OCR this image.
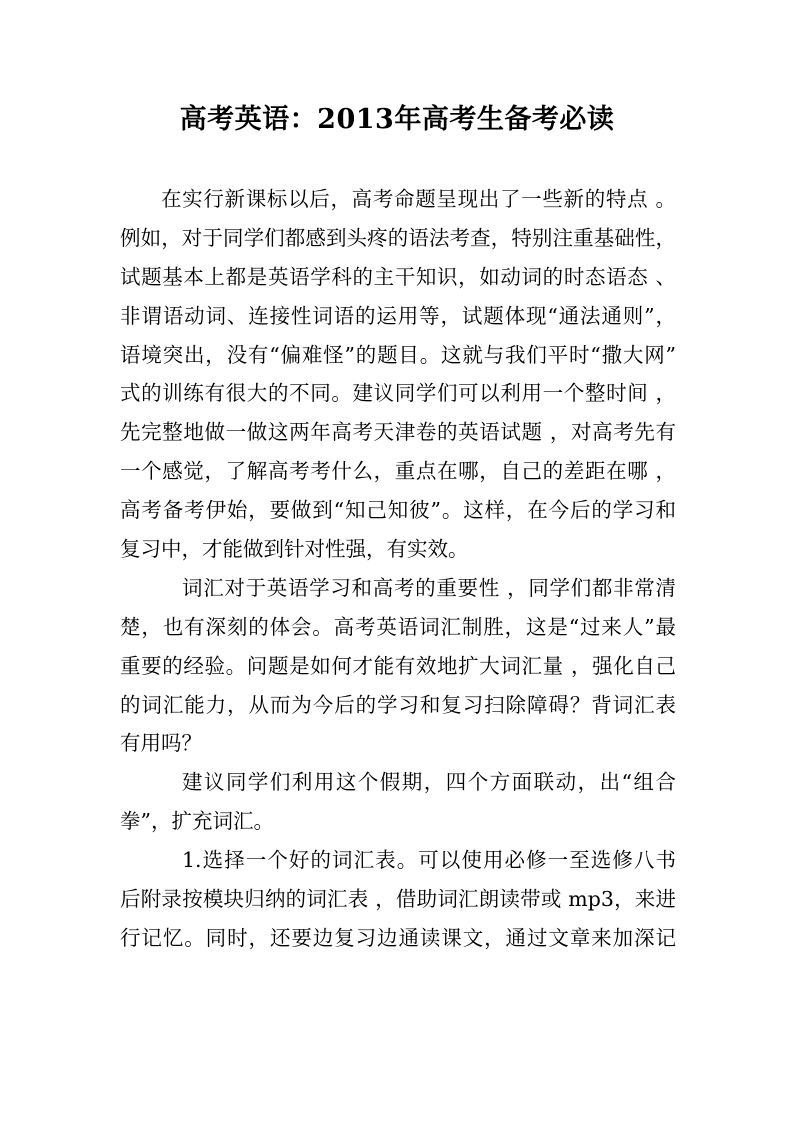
高考英语：2013年高考生备考必读
在实行新课标以后，高考命题呈现出了一些新的特点 。
例如，对于同学们都感到头疼的语法考查，特别注重基础性，
试题基本上都是英语学科的主干知识，如动词的时态语态 、
非谓语动词、连接性词语的运用等，试题体现“通法通则”，
语境突出，没有“偏难怪”的题目。这就与我们平时“撒大网”
式的训练有很大的不同。建议同学们可以利用一个整时间 ，
先完整地做一做这两年高考天津卷的英语试题 ，对高考先有
一个感觉，了解高考考什么，重点在哪，自己的差距在哪 ，
高考备考伊始，要做到“知己知彼”。这样，在今后的学习和
复习中，才能做到针对性强，有实效。
词汇对于英语学习和高考的重要性 ，同学们都非常清
楚，也有深刻的体会。高考英语词汇制胜，这是“过来人”最
重要的经验。问题是如何才能有效地扩大词汇量 ，强化自己
的词汇能力，从而为今后的学习和复习扫除障碍？背词汇表
有用吗？
建议同学们利用这个假期，四个方面联动，出“组合
拳”，扩充词汇。
1.选择一个好的词汇表。可以使用必修一至选修八书
后附录按模块归纳的词汇表 ，借助词汇朗读带或 mp3，来进
行记忆。同时，还要边复习边通读课文，通过文章来加深记
